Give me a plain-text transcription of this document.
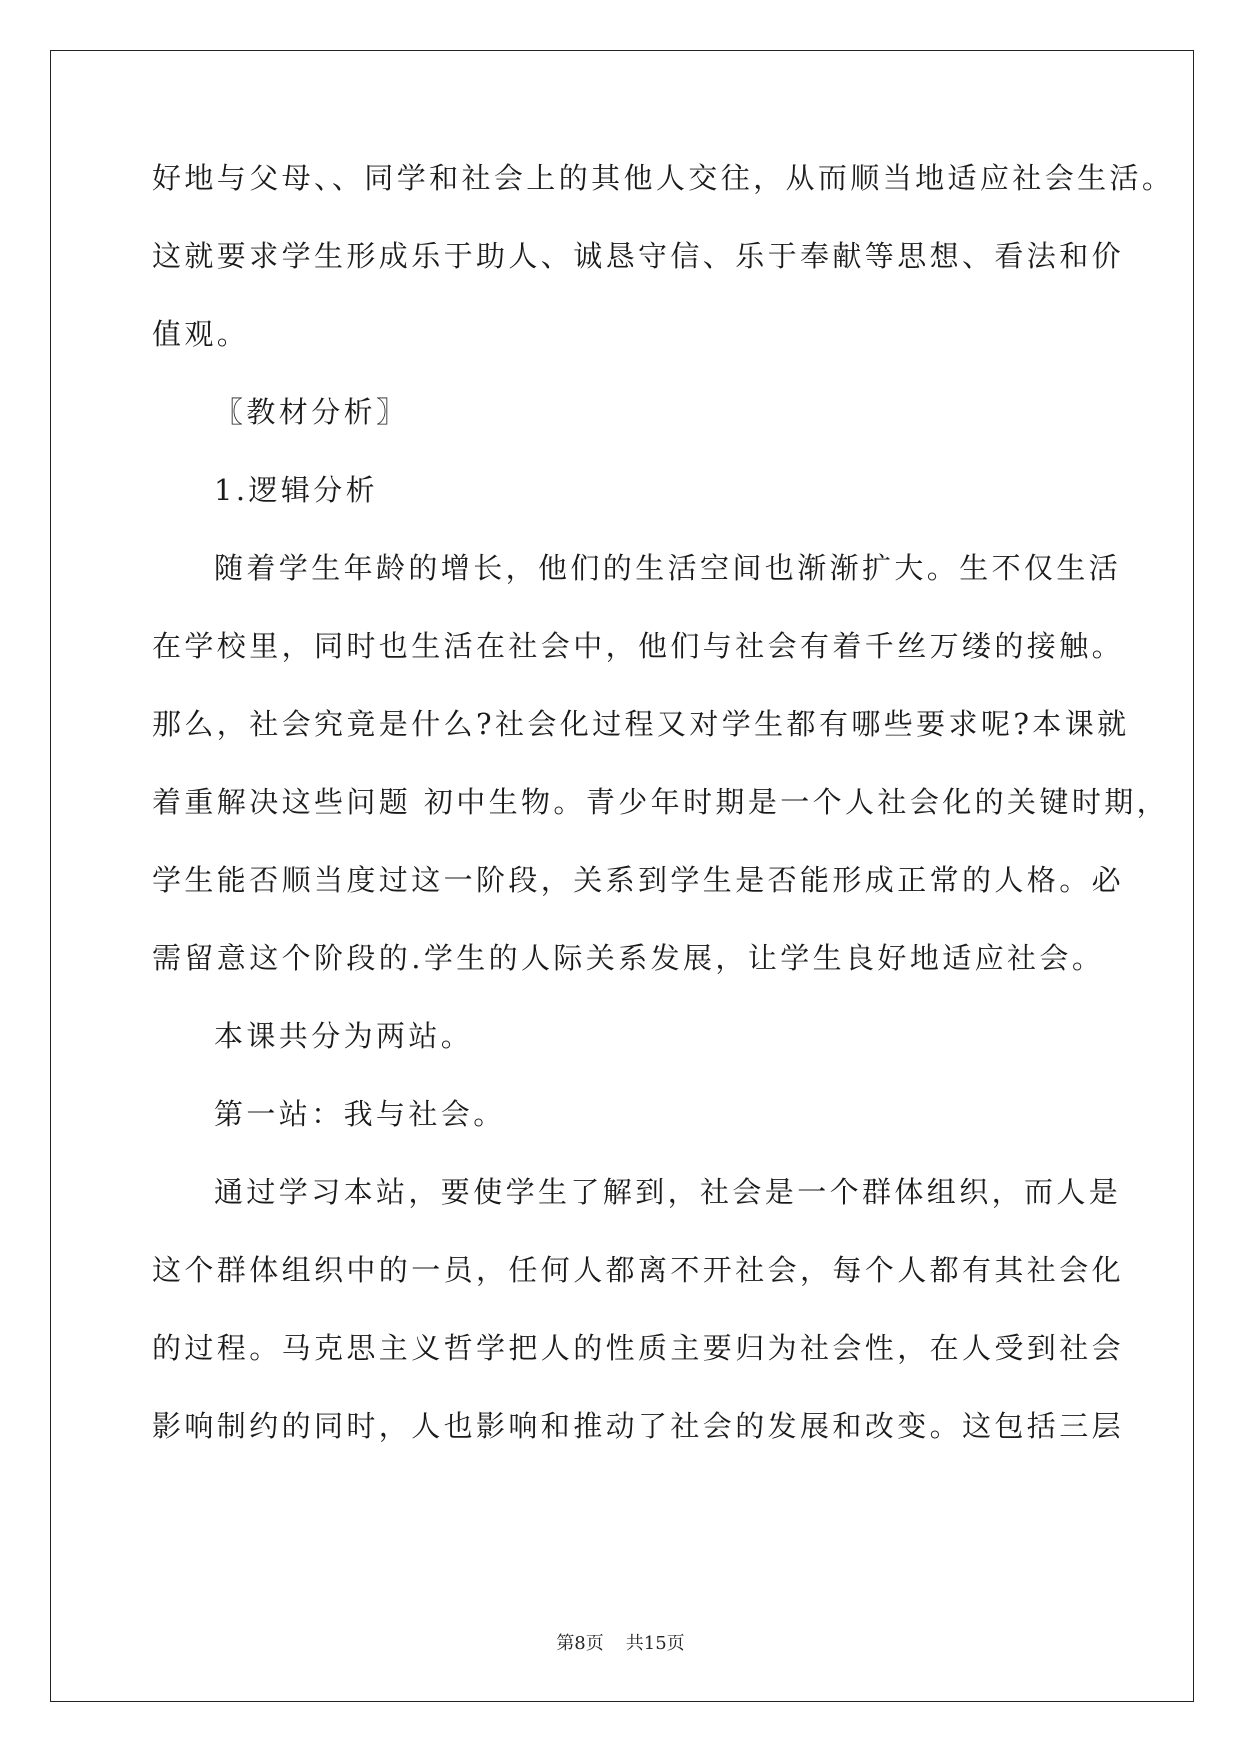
好地与父母、、同学和社会上的其他人交往，从而顺当地适应社会生活。
这就要求学生形成乐于助人、诚恳守信、乐于奉献等思想、看法和价
值观。
〖教材分析〗
1.逻辑分析
随着学生年龄的增长，他们的生活空间也渐渐扩大。生不仅生活
在学校里，同时也生活在社会中，他们与社会有着千丝万缕的接触。
那么，社会究竟是什么?社会化过程又对学生都有哪些要求呢?本课就
着重解决这些问题 初中生物。青少年时期是一个人社会化的关键时期，
学生能否顺当度过这一阶段，关系到学生是否能形成正常的人格。必
需留意这个阶段的.学生的人际关系发展，让学生良好地适应社会。
本课共分为两站。
第一站：我与社会。
通过学习本站，要使学生了解到，社会是一个群体组织，而人是
这个群体组织中的一员，任何人都离不开社会，每个人都有其社会化
的过程。马克思主义哲学把人的性质主要归为社会性，在人受到社会
影响制约的同时，人也影响和推动了社会的发展和改变。这包括三层
第8页 共15页
